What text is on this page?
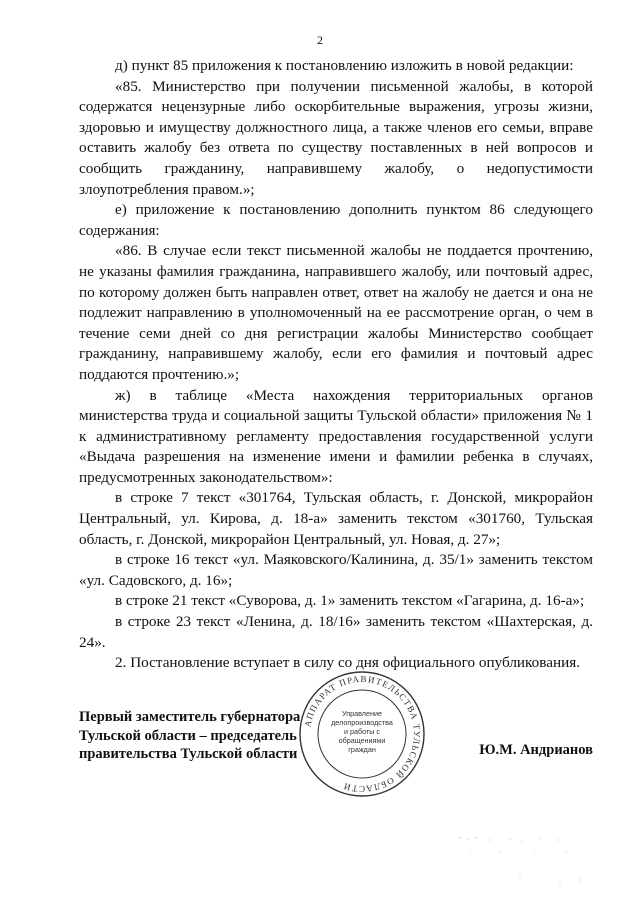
2

д) пункт 85 приложения к постановлению изложить в новой редакции:

«85. Министерство при получении письменной жалобы, в которой содержатся нецензурные либо оскорбительные выражения, угрозы жизни, здоровью и имуществу должностного лица, а также членов его семьи, вправе оставить жалобу без ответа по существу поставленных в ней вопросов и сообщить гражданину, направившему жалобу, о недопустимости злоупотребления правом.»;

е) приложение к постановлению дополнить пунктом 86 следующего содержания:

«86. В случае если текст письменной жалобы не поддается прочтению, не указаны фамилия гражданина, направившего жалобу, или почтовый адрес, по которому должен быть направлен ответ, ответ на жалобу не дается и она не подлежит направлению в уполномоченный на ее рассмотрение орган, о чем в течение семи дней со дня регистрации жалобы Министерство сообщает гражданину, направившему жалобу, если его фамилия и почтовый адрес поддаются прочтению.»;

ж) в таблице «Места нахождения территориальных органов министерства труда и социальной защиты Тульской области» приложения № 1 к административному регламенту предоставления государственной услуги «Выдача разрешения на изменение имени и фамилии ребенка в случаях, предусмотренных законодательством»:

в строке 7 текст «301764, Тульская область, г. Донской, микрорайон Центральный, ул. Кирова, д. 18-а» заменить текстом «301760, Тульская область, г. Донской, микрорайон Центральный, ул. Новая, д. 27»;

в строке 16 текст «ул. Маяковского/Калинина, д. 35/1» заменить текстом «ул. Садовского, д. 16»;

в строке 21 текст «Суворова, д. 1» заменить текстом «Гагарина, д. 16-а»;

в строке 23 текст «Ленина, д. 18/16» заменить текстом «Шахтерская, д. 24».

2. Постановление вступает в силу со дня официального опубликования.

Первый заместитель губернатора
Тульской области – председатель
правительства Тульской области	Ю.М. Андрианов
АППАРАТ ПРАВИТЕЛЬСТВА ТУЛЬСКОЙ ОБЛАСТИ
Управление делопроизводства и работы с обращениями граждан
